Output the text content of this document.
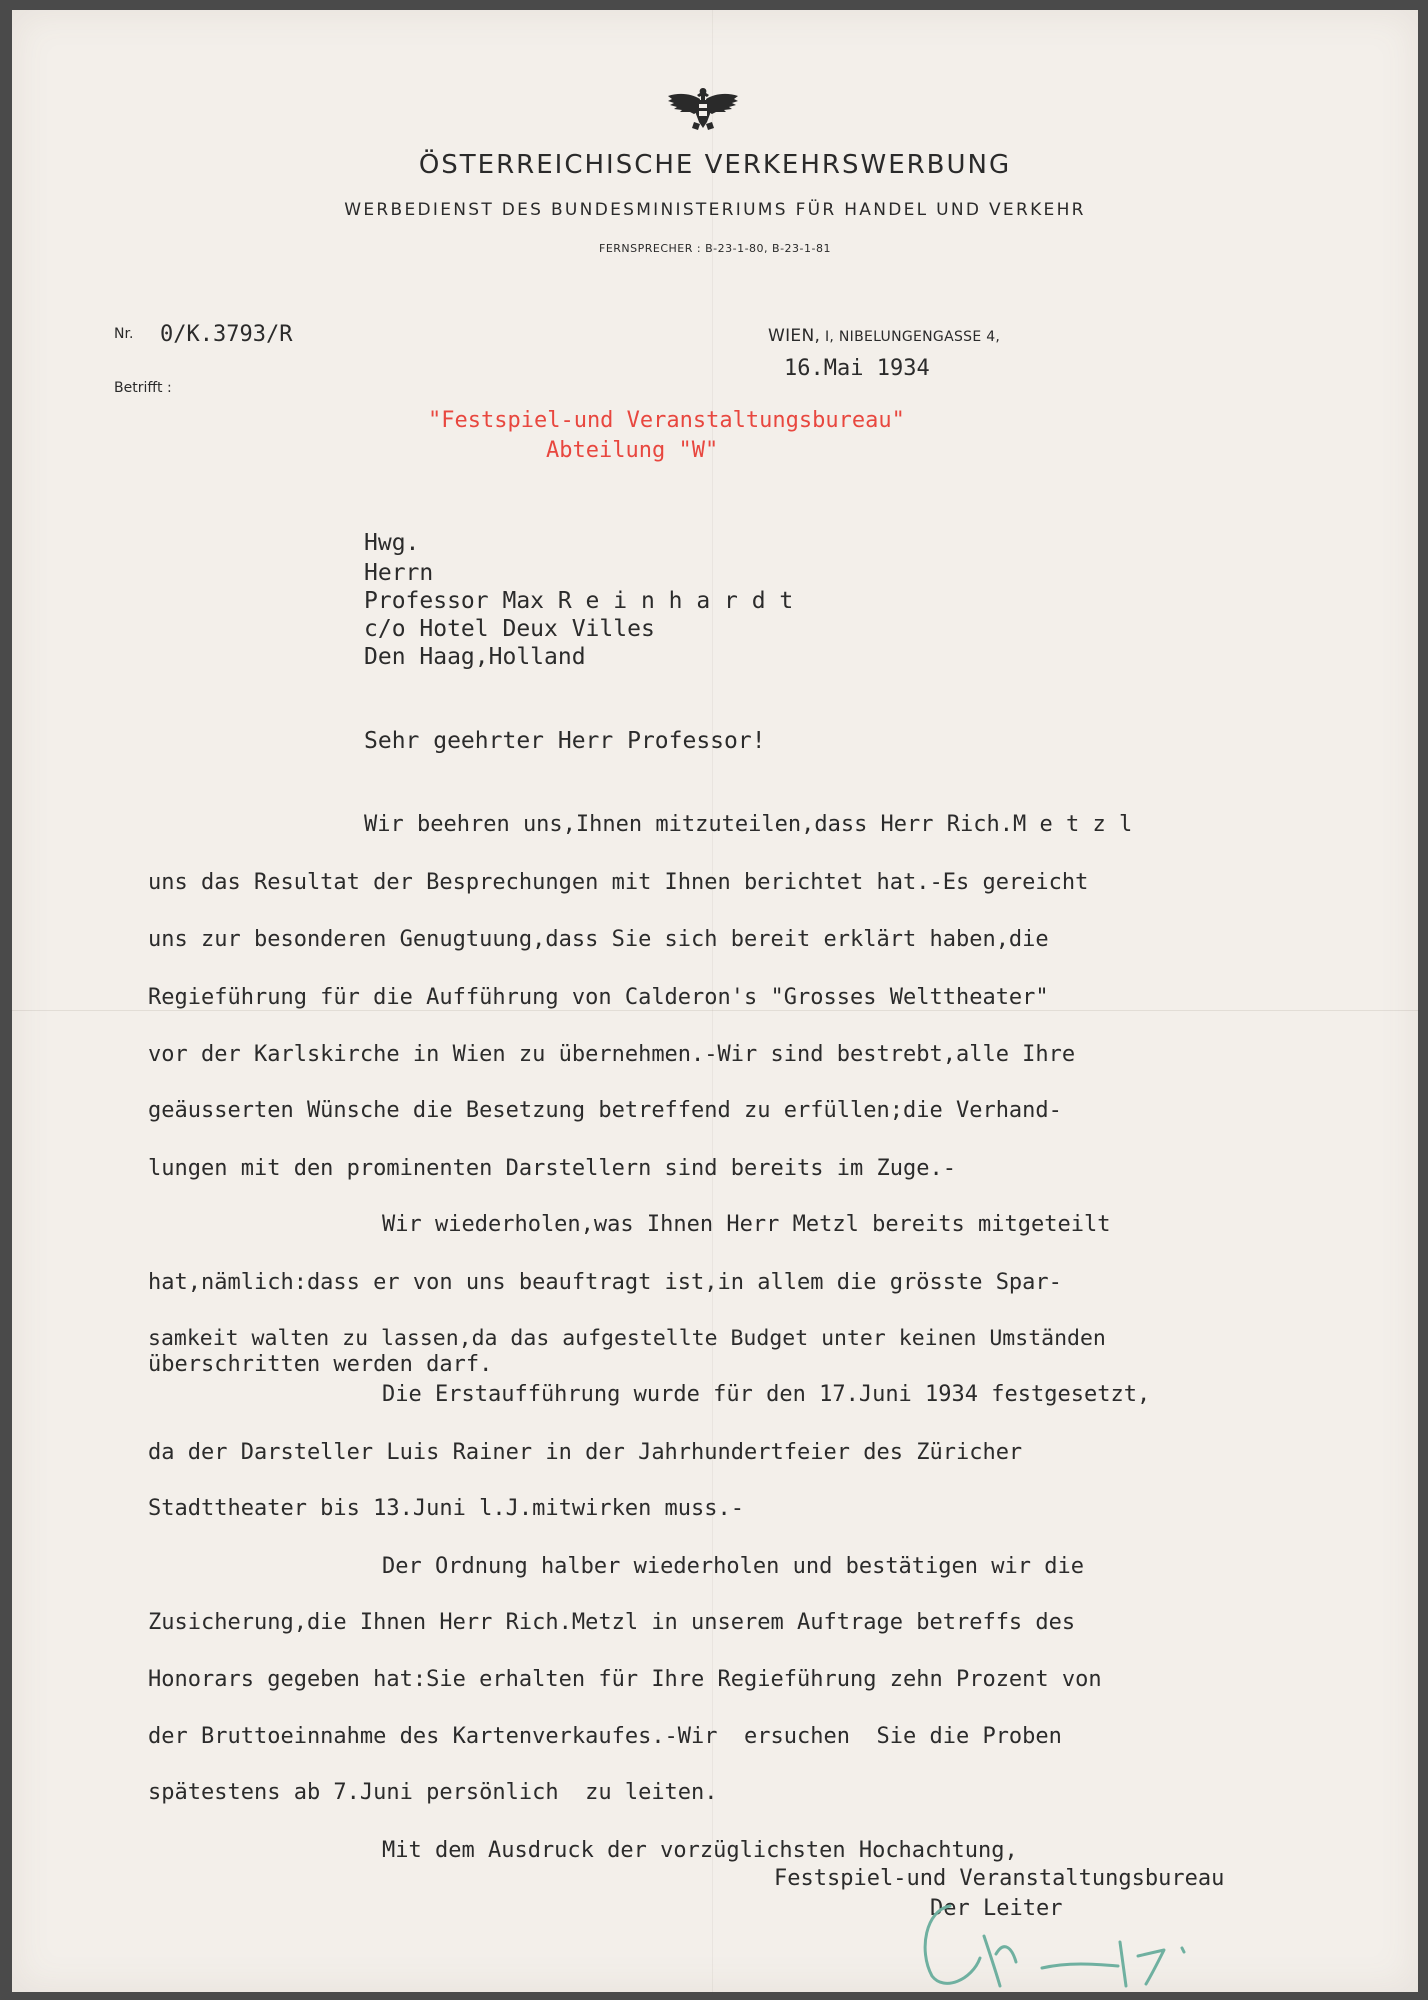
ÖSTERREICHISCHE VERKEHRSWERBUNG
WERBEDIENST DES BUNDESMINISTERIUMS FÜR HANDEL UND VERKEHR
FERNSPRECHER : B-23-1-80, B-23-1-81
Nr. 0/K.3793/R
Betrifft :
WIEN, I, NIBELUNGENGASSE 4,
16.Mai 1934
"Festspiel-und Veranstaltungsbureau"
Abteilung "W"
Hwg.
Herrn
Professor Max R e i n h a r d t
c/o Hotel Deux Villes
Den Haag,Holland
Sehr geehrter Herr Professor!
Wir beehren uns,Ihnen mitzuteilen,dass Herr Rich.M e t z l
uns das Resultat der Besprechungen mit Ihnen berichtet hat.-Es gereicht
uns zur besonderen Genugtuung,dass Sie sich bereit erklärt haben,die
Regieführung für die Aufführung von Calderon's "Grosses Welttheater"
vor der Karlskirche in Wien zu übernehmen.-Wir sind bestrebt,alle Ihre
geäusserten Wünsche die Besetzung betreffend zu erfüllen;die Verhand-
lungen mit den prominenten Darstellern sind bereits im Zuge.-
Wir wiederholen,was Ihnen Herr Metzl bereits mitgeteilt
hat,nämlich:dass er von uns beauftragt ist,in allem die grösste Spar-
samkeit walten zu lassen,da das aufgestellte Budget unter keinen Umständen
überschritten werden darf.
Die Erstaufführung wurde für den 17.Juni 1934 festgesetzt,
da der Darsteller Luis Rainer in der Jahrhundertfeier des Züricher
Stadttheater bis 13.Juni l.J.mitwirken muss.-
Der Ordnung halber wiederholen und bestätigen wir die
Zusicherung,die Ihnen Herr Rich.Metzl in unserem Auftrage betreffs des
Honorars gegeben hat:Sie erhalten für Ihre Regieführung zehn Prozent von
der Bruttoeinnahme des Kartenverkaufes.-Wir  ersuchen  Sie die Proben
spätestens ab 7.Juni persönlich  zu leiten.
Mit dem Ausdruck der vorzüglichsten Hochachtung,
Festspiel-und Veranstaltungsbureau
Der Leiter
